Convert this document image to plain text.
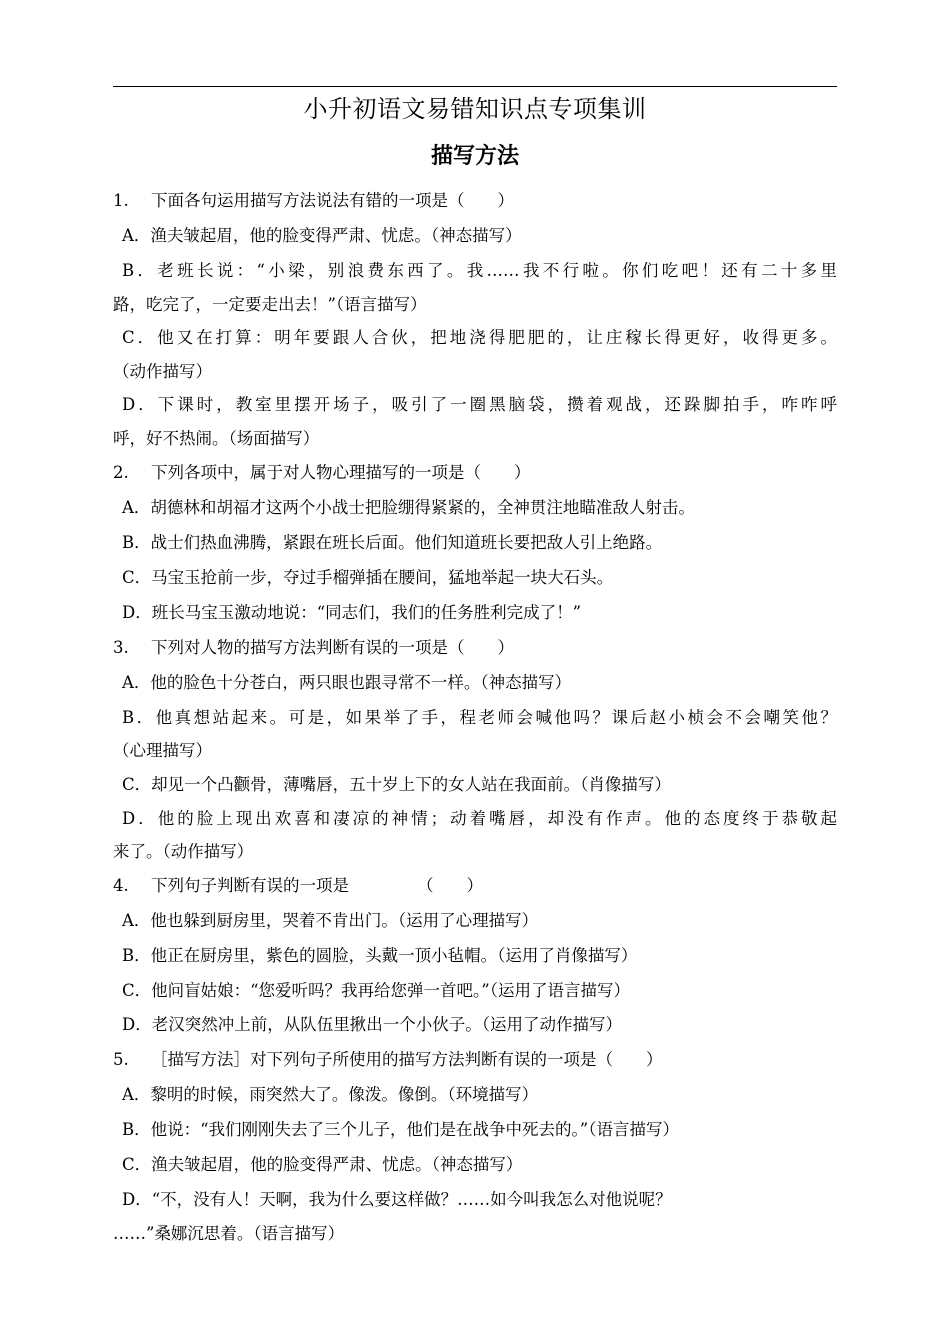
小升初语文易错知识点专项集训
描写方法
1. 下面各句运用描写方法说法有错的一项是（　　）
A．渔夫皱起眉，他的脸变得严肃、忧虑。（神态描写）
B．老班长说：“小梁，别浪费东西了。我……我不行啦。你们吃吧！还有二十多里
路，吃完了，一定要走出去！”（语言描写）
C．他又在打算：明年要跟人合伙，把地浇得肥肥的，让庄稼长得更好，收得更多。
（动作描写）
D．下课时，教室里摆开场子，吸引了一圈黑脑袋，攒着观战，还跺脚拍手，咋咋呼
呼，好不热闹。（场面描写）
2. 下列各项中，属于对人物心理描写的一项是（　　）
A．胡德林和胡福才这两个小战士把脸绷得紧紧的，全神贯注地瞄准敌人射击。
B．战士们热血沸腾，紧跟在班长后面。他们知道班长要把敌人引上绝路。
C．马宝玉抢前一步，夺过手榴弹插在腰间，猛地举起一块大石头。
D．班长马宝玉激动地说：“同志们，我们的任务胜利完成了！”
3. 下列对人物的描写方法判断有误的一项是（　　）
A．他的脸色十分苍白，两只眼也跟寻常不一样。（神态描写）
B．他真想站起来。可是，如果举了手，程老师会喊他吗？课后赵小桢会不会嘲笑他？
（心理描写）
C．却见一个凸颧骨，薄嘴唇，五十岁上下的女人站在我面前。（肖像描写）
D．他的脸上现出欢喜和凄凉的神情；动着嘴唇，却没有作声。他的态度终于恭敬起
来了。（动作描写）
4. 下列句子判断有误的一项是	（　　）
A．他也躲到厨房里，哭着不肯出门。（运用了心理描写）
B．他正在厨房里，紫色的圆脸，头戴一顶小毡帽。（运用了肖像描写）
C．他问盲姑娘：“您爱听吗？我再给您弹一首吧。”（运用了语言描写）
D．老汉突然冲上前，从队伍里揪出一个小伙子。（运用了动作描写）
5. ［描写方法］对下列句子所使用的描写方法判断有误的一项是（　　）
A．黎明的时候，雨突然大了。像泼。像倒。（环境描写）
B．他说：“我们刚刚失去了三个儿子，他们是在战争中死去的。”（语言描写）
C．渔夫皱起眉，他的脸变得严肃、忧虑。（神态描写）
D．“不，没有人！天啊，我为什么要这样做？……如今叫我怎么对他说呢？
……”桑娜沉思着。（语言描写）
